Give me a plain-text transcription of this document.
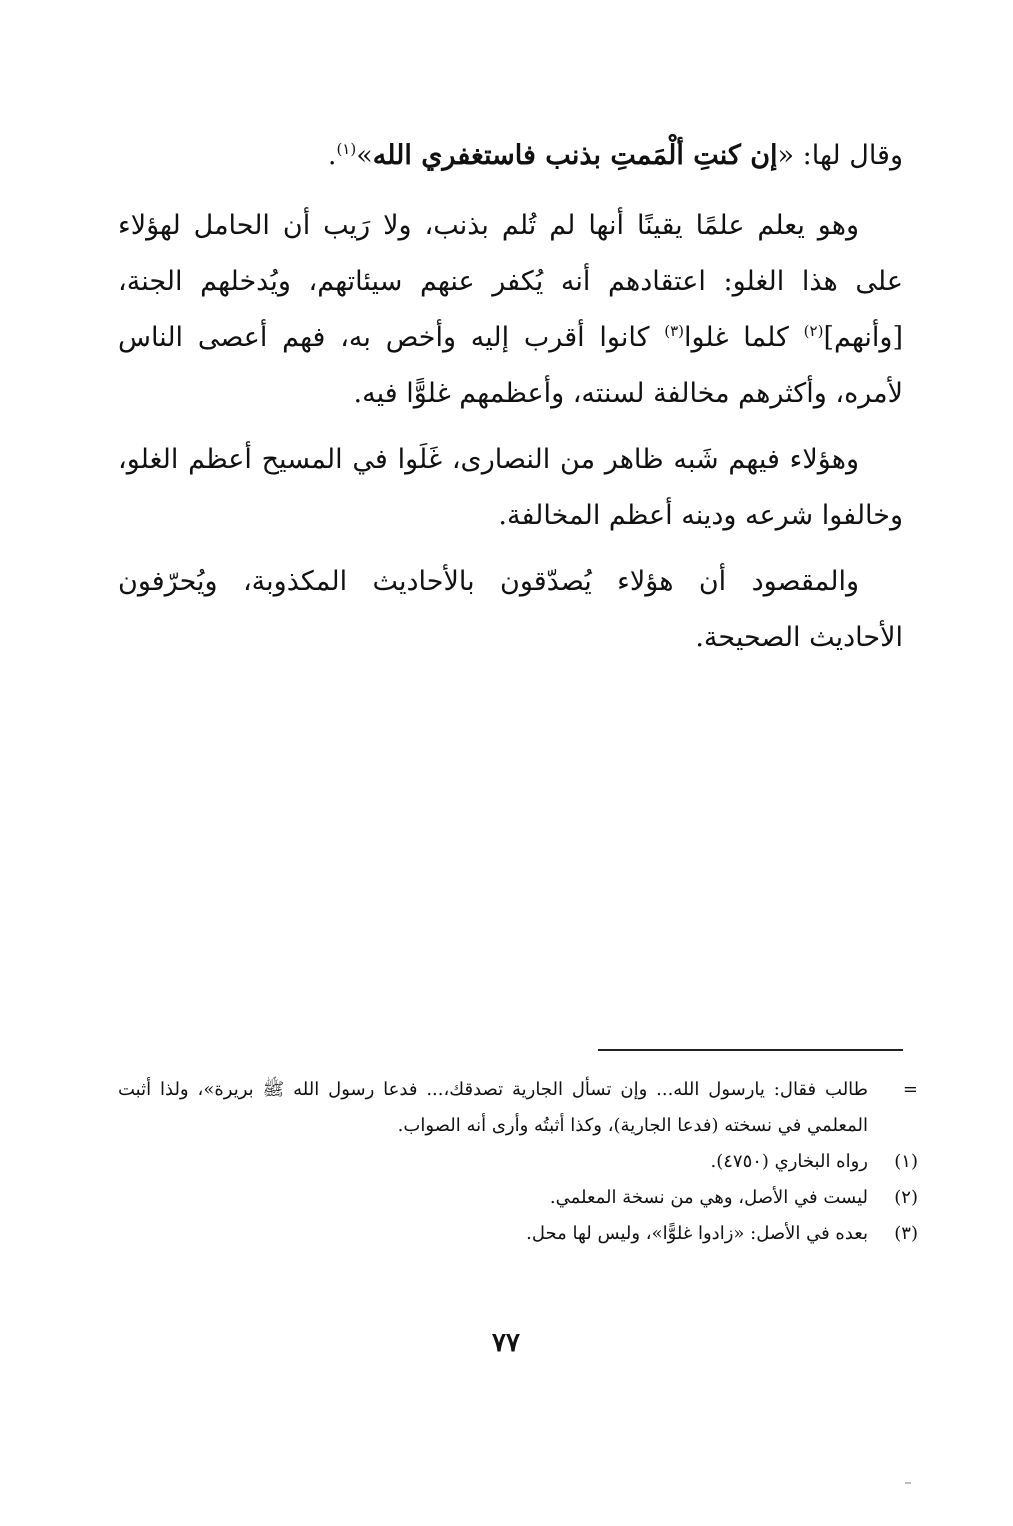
وقال لها: «إن كنتِ ألْمَمتِ بذنب فاستغفري الله»$^{(١)}$.

وهو يعلم علمًا يقينًا أنها لم تُلم بذنب، ولا رَيب أن الحامل لهؤلاء على هذا الغلو: اعتقادهم أنه يُكفر عنهم سيئاتهم، ويُدخلهم الجنة، [وأنهم]$^{(٢)}$ كلما غلوا$^{(٣)}$ كانوا أقرب إليه وأخص به، فهم أعصى الناس لأمره، وأكثرهم مخالفة لسنته، وأعظمهم غلوًّا فيه.

وهؤلاء فيهم شَبه ظاهر من النصارى، غَلَوا في المسيح أعظم الغلو، وخالفوا شرعه ودينه أعظم المخالفة.

والمقصود أن هؤلاء يُصدّقون بالأحاديث المكذوبة، ويُحرّفون الأحاديث الصحيحة.

=
طالب فقال: يارسول الله... وإن تسأل الجارية تصدقك،... فدعا رسول الله ﷺ بريرة»، ولذا أثبت المعلمي في نسخته (فدعا الجارية)، وكذا أثبتُه وأرى أنه الصواب.
(١)
رواه البخاري (٤٧٥٠).
(٢)
ليست في الأصل، وهي من نسخة المعلمي.
(٣)
بعده في الأصل: «زادوا غلوًّا»، وليس لها محل.
٧٧
